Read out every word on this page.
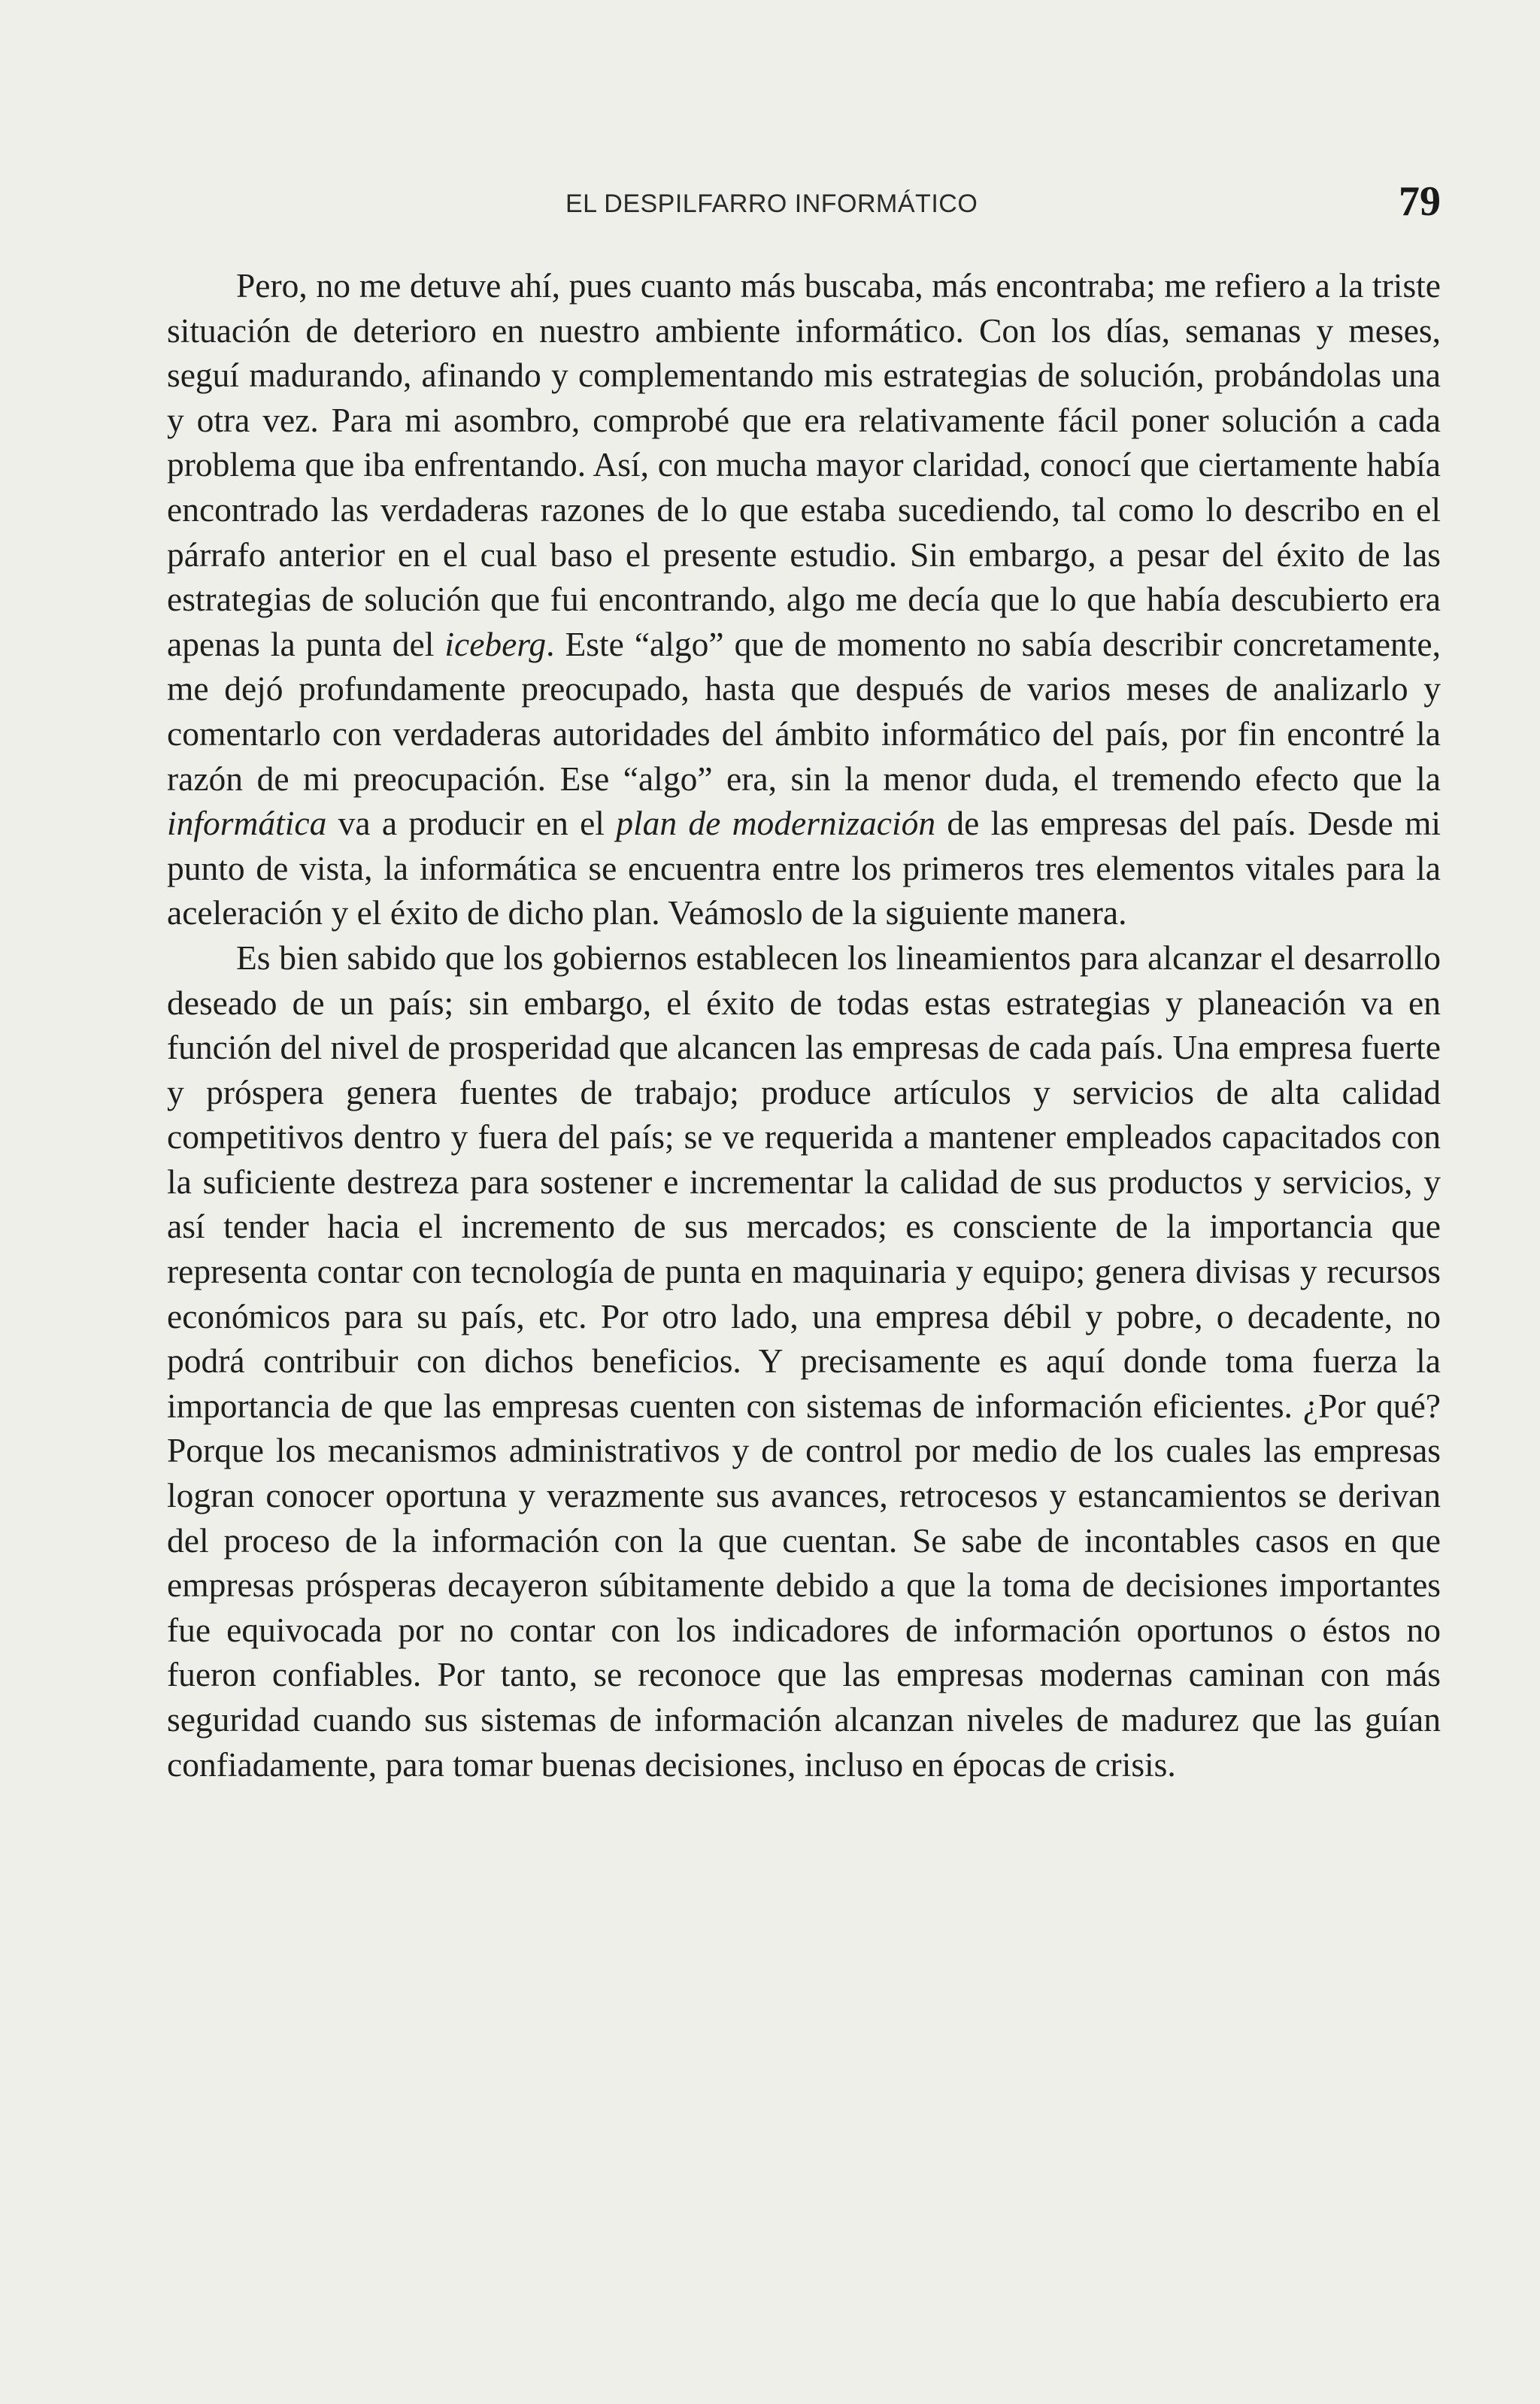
EL DESPILFARRO INFORMÁTICO	79

Pero, no me detuve ahí, pues cuanto más buscaba, más encontraba; me refiero a la triste situación de deterioro en nuestro ambiente informático. Con los días, semanas y meses, seguí madurando, afinando y complementando mis estrategias de solución, probándolas una y otra vez. Para mi asombro, comprobé que era relativamente fácil poner solución a cada problema que iba enfrentando. Así, con mucha mayor claridad, conocí que ciertamente había encontrado las verdaderas razones de lo que estaba sucediendo, tal como lo describo en el párrafo anterior en el cual baso el presente estudio. Sin embargo, a pesar del éxito de las estrategias de solución que fui encontrando, algo me decía que lo que había descubierto era apenas la punta del iceberg. Este “algo” que de momento no sabía describir concretamente, me dejó profundamente preocupado, hasta que después de varios meses de analizarlo y comentarlo con verdaderas autoridades del ámbito informático del país, por fin encontré la razón de mi preocupación. Ese “algo” era, sin la menor duda, el tremendo efecto que la informática va a producir en el plan de modernización de las empresas del país. Desde mi punto de vista, la informática se encuentra entre los primeros tres elementos vitales para la aceleración y el éxito de dicho plan. Veámoslo de la siguiente manera.

Es bien sabido que los gobiernos establecen los lineamientos para alcanzar el desarrollo deseado de un país; sin embargo, el éxito de todas estas estrategias y planeación va en función del nivel de prosperidad que alcancen las empresas de cada país. Una empresa fuerte y próspera genera fuentes de trabajo; produce artículos y servicios de alta calidad competitivos dentro y fuera del país; se ve requerida a mantener empleados capacitados con la suficiente destreza para sostener e incrementar la calidad de sus productos y servicios, y así tender hacia el incremento de sus mercados; es consciente de la importancia que representa contar con tecnología de punta en maquinaria y equipo; genera divisas y recursos económicos para su país, etc. Por otro lado, una empresa débil y pobre, o decadente, no podrá contribuir con dichos beneficios. Y precisamente es aquí donde toma fuerza la importancia de que las empresas cuenten con sistemas de información eficientes. ¿Por qué? Porque los mecanismos administrativos y de control por medio de los cuales las empresas logran conocer oportuna y verazmente sus avances, retrocesos y estancamientos se derivan del proceso de la información con la que cuentan. Se sabe de incontables casos en que empresas prósperas decayeron súbitamente debido a que la toma de decisiones importantes fue equivocada por no contar con los indicadores de información oportunos o éstos no fueron confiables. Por tanto, se reconoce que las empresas modernas caminan con más seguridad cuando sus sistemas de información alcanzan niveles de madurez que las guían confiadamente, para tomar buenas decisiones, incluso en épocas de crisis.
